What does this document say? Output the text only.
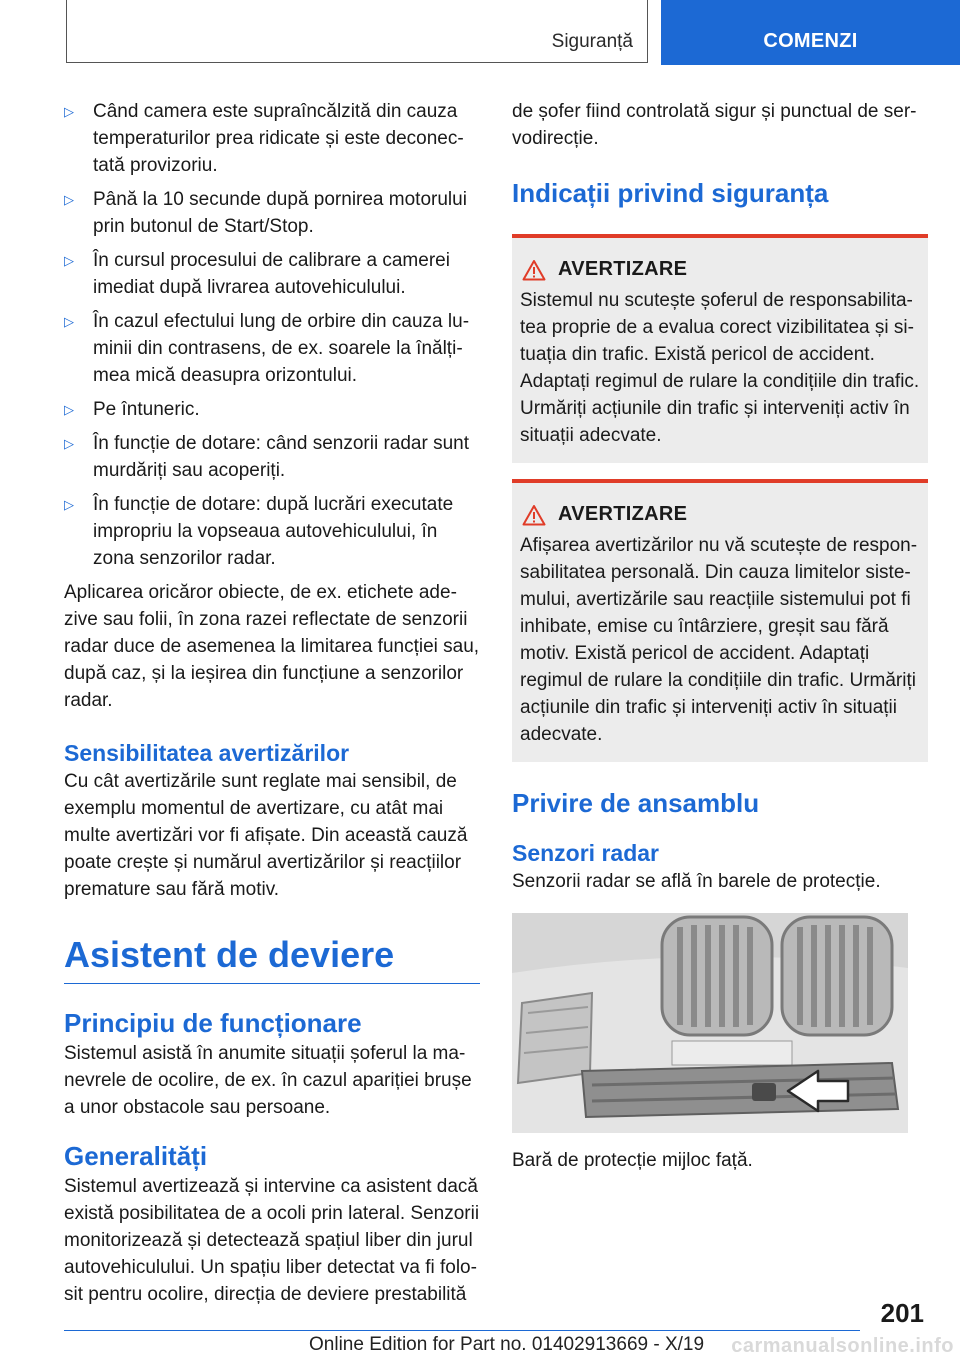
Siguranță	COMENZI
▷ Când camera este supraîncălzită din cauza temperaturilor prea ridicate și este deconectată provizoriu.
▷ Până la 10 secunde după pornirea motorului prin butonul de Start/Stop.
▷ În cursul procesului de calibrare a camerei imediat după livrarea autovehiculului.
▷ În cazul efectului lung de orbire din cauza luminii din contrasens, de ex. soarele la înălțimea mică deasupra orizontului.
▷ Pe întuneric.
▷ În funcție de dotare: când senzorii radar sunt murdăriți sau acoperiți.
▷ În funcție de dotare: după lucrări executate impropriu la vopseaua autovehiculului, în zona senzorilor radar.

Aplicarea oricăror obiecte, de ex. etichete adezive sau folii, în zona razei reflectate de senzorii radar duce de asemenea la limitarea funcției sau, după caz, și la ieșirea din funcțiune a senzorilor radar.

Sensibilitatea avertizărilor

Cu cât avertizările sunt reglate mai sensibil, de exemplu momentul de avertizare, cu atât mai multe avertizări vor fi afișate. Din această cauză poate crește și numărul avertizărilor și reacțiilor premature sau fără motiv.

Asistent de deviere
Principiu de funcționare

Sistemul asistă în anumite situații șoferul la manevrele de ocolire, de ex. în cazul apariției brușe a unor obstacole sau persoane.

Generalități

Sistemul avertizează și intervine ca asistent dacă există posibilitatea de a ocoli prin lateral. Senzorii monitorizează și detectează spațiul liber din jurul autovehiculului. Un spațiu liber detectat va fi folosit pentru ocolire, direcția de deviere prestabilită

de șofer fiind controlată sigur și punctual de servodirecție.

Indicații privind siguranța
AVERTIZARE

Sistemul nu scutește șoferul de responsabilitatea proprie de a evalua corect vizibilitatea și situația din trafic. Există pericol de accident. Adaptați regimul de rulare la condițiile din trafic. Urmăriți acțiunile din trafic și interveniți activ în situații adecvate.

AVERTIZARE

Afișarea avertizărilor nu vă scutește de responsabilitatea personală. Din cauza limitelor sistemului, avertizările sau reacțiile sistemului pot fi inhibate, emise cu întârziere, greșit sau fără motiv. Există pericol de accident. Adaptați regimul de rulare la condițiile din trafic. Urmăriți acțiunile din trafic și interveniți activ în situații adecvate.

Privire de ansamblu
Senzori radar

Senzorii radar se află în barele de protecție.

Bară de protecție mijloc față.

201
Online Edition for Part no. 01402913669 - X/19 carmanualsonline.info
